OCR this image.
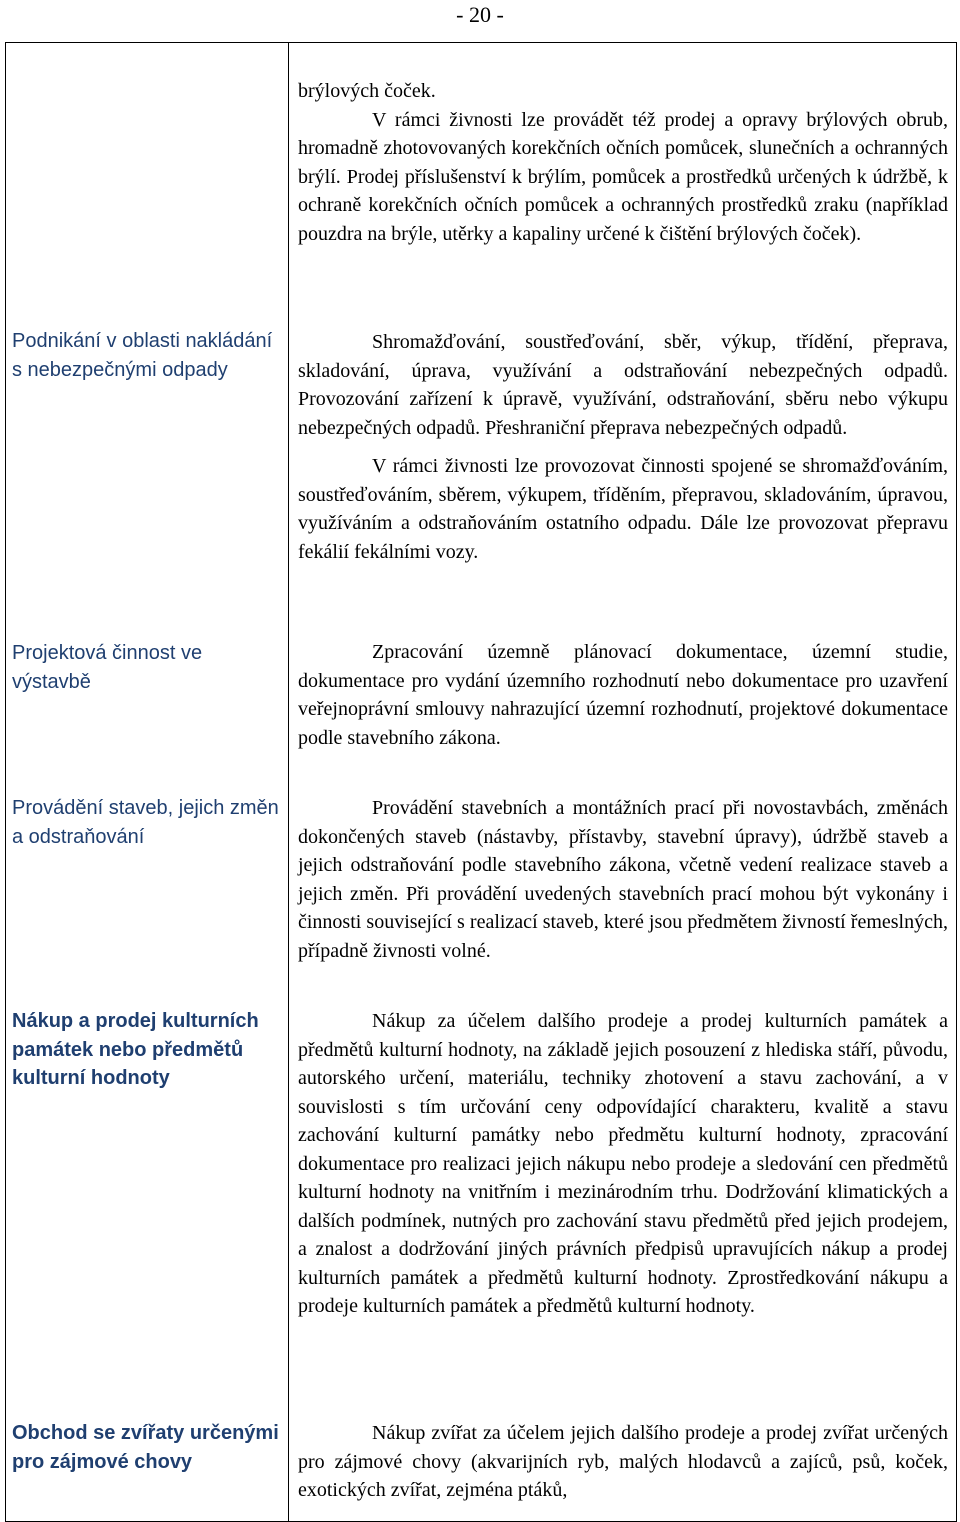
- 20 -

brýlových čoček.

V rámci živnosti lze provádět též prodej a opravy brýlových obrub, hromadně zhotovovaných korekčních očních pomůcek, slunečních a ochranných brýlí. Prodej příslušenství k brýlím, pomůcek a prostředků určených k údržbě, k ochraně korekčních očních pomůcek a ochranných prostředků zraku (například pouzdra na brýle, utěrky a kapaliny určené k čištění brýlových čoček).

Podnikání v oblasti nakládání s nebezpečnými odpady

Shromažďování, soustřeďování, sběr, výkup, třídění, přeprava, skladování, úprava, využívání a odstraňování nebezpečných odpadů. Provozování zařízení k úpravě, využívání, odstraňování, sběru nebo výkupu nebezpečných odpadů. Přeshraniční přeprava nebezpečných odpadů.

V rámci živnosti lze provozovat činnosti spojené se shromažďováním, soustřeďováním, sběrem, výkupem, tříděním, přepravou, skladováním, úpravou, využíváním a odstraňováním ostatního odpadu. Dále lze provozovat přepravu fekálií fekálními vozy.

Projektová činnost ve výstavbě

Zpracování územně plánovací dokumentace, územní studie, dokumentace pro vydání územního rozhodnutí nebo dokumentace pro uzavření veřejnoprávní smlouvy nahrazující územní rozhodnutí, projektové dokumentace podle stavebního zákona.

Provádění staveb, jejich změn a odstraňování

Provádění stavebních a montážních prací při novostavbách, změnách dokončených staveb (nástavby, přístavby, stavební úpravy), údržbě staveb a jejich odstraňování podle stavebního zákona, včetně vedení realizace staveb a jejich změn. Při provádění uvedených stavebních prací mohou být vykonány i činnosti související s realizací staveb, které jsou předmětem živností řemeslných, případně živnosti volné.

Nákup a prodej kulturních památek nebo předmětů kulturní hodnoty

Nákup za účelem dalšího prodeje a prodej kulturních památek a předmětů kulturní hodnoty, na základě jejich posouzení z hlediska stáří, původu, autorského určení, materiálu, techniky zhotovení a stavu zachování, a v souvislosti s tím určování ceny odpovídající charakteru, kvalitě a stavu zachování kulturní památky nebo předmětu kulturní hodnoty, zpracování dokumentace pro realizaci jejich nákupu nebo prodeje a sledování cen předmětů kulturní hodnoty na vnitřním i mezinárodním trhu. Dodržování klimatických a dalších podmínek, nutných pro zachování stavu předmětů před jejich prodejem, a znalost a dodržování jiných právních předpisů upravujících nákup a prodej kulturních památek a předmětů kulturní hodnoty. Zprostředkování nákupu a prodeje kulturních památek a předmětů kulturní hodnoty.

Obchod se zvířaty určenými pro zájmové chovy

Nákup zvířat za účelem jejich dalšího prodeje a prodej zvířat určených pro zájmové chovy (akvarijních ryb, malých hlodavců a zajíců, psů, koček, exotických zvířat, zejména ptáků,
